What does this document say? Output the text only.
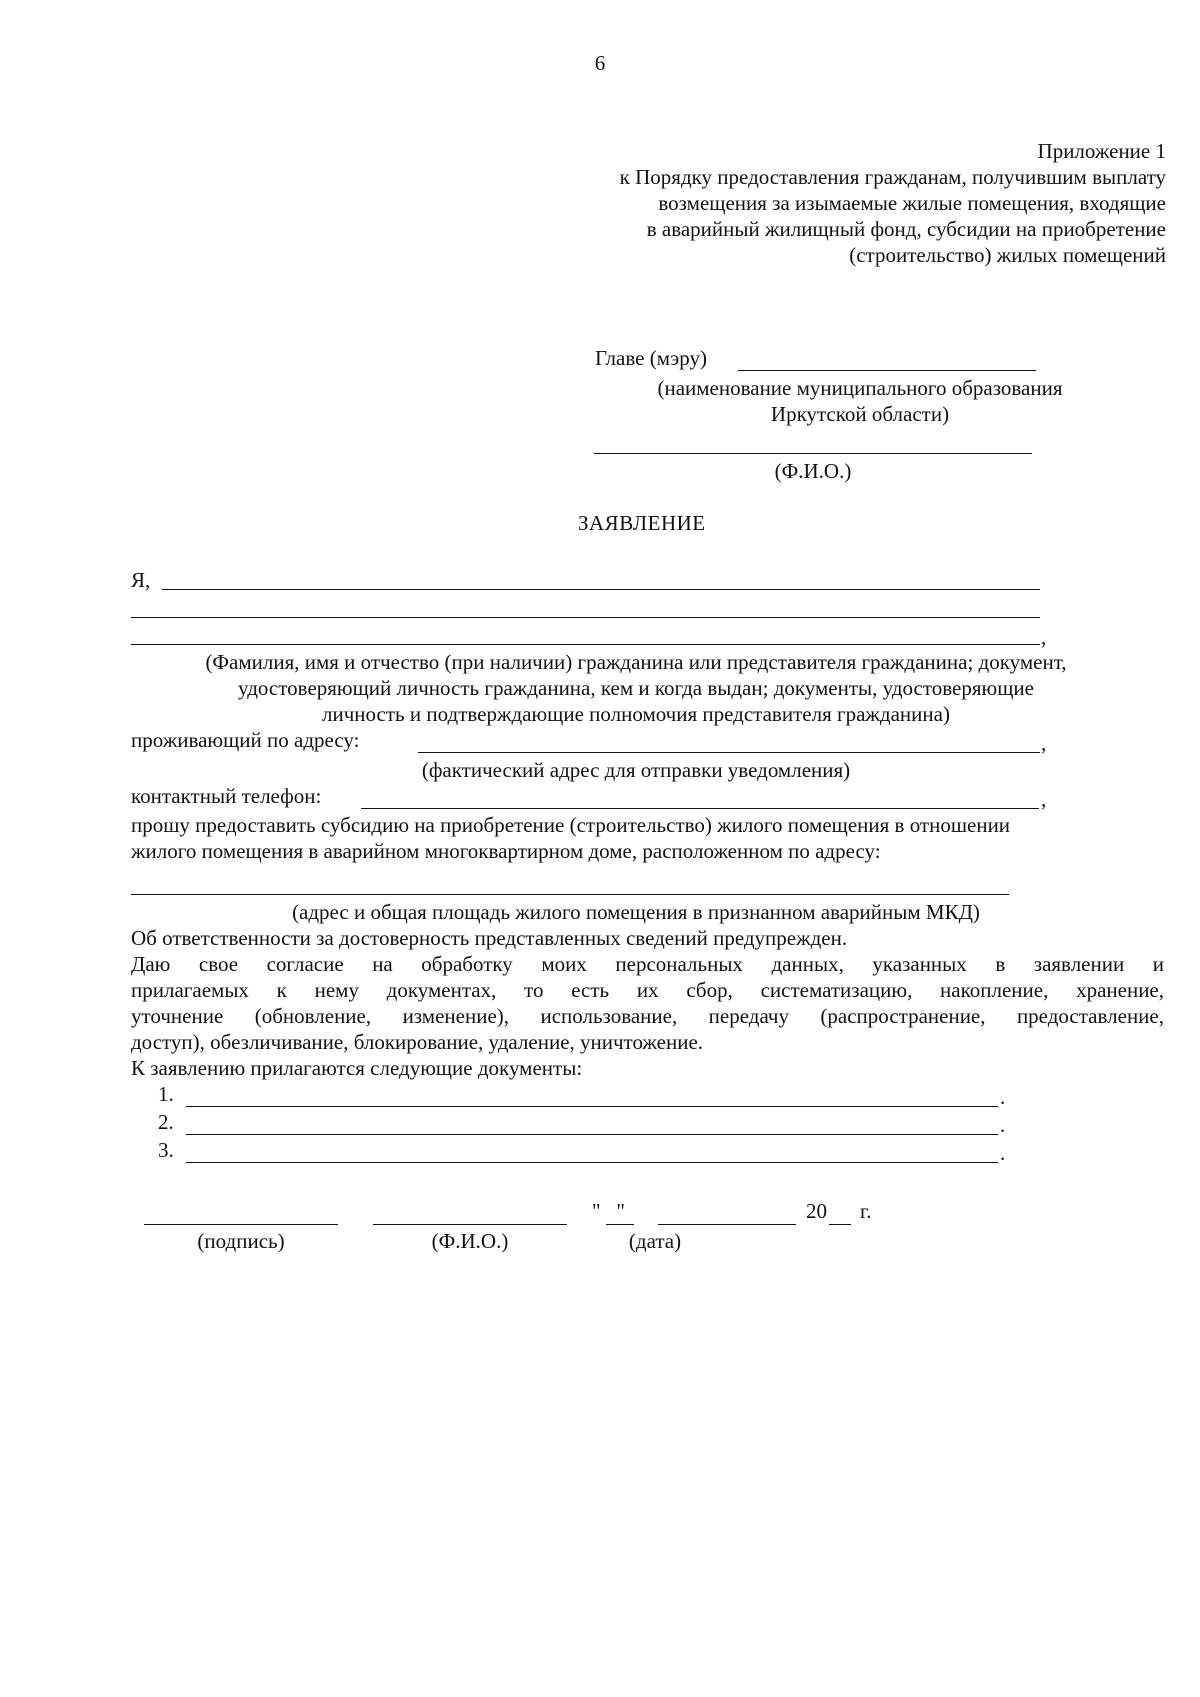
6
Приложение 1
к Порядку предоставления гражданам, получившим выплату
возмещения за изымаемые жилые помещения, входящие
в аварийный жилищный фонд, субсидии на приобретение
(строительство) жилых помещений
Главе (мэру)
(наименование муниципального образования
Иркутской области)
(Ф.И.О.)
ЗАЯВЛЕНИЕ
Я,
,
(Фамилия, имя и отчество (при наличии) гражданина или представителя гражданина; документ,
удостоверяющий личность гражданина, кем и когда выдан; документы, удостоверяющие
личность и подтверждающие полномочия представителя гражданина)
проживающий по адресу:	,
(фактический адрес для отправки уведомления)
контактный телефон:	,
прошу предоставить субсидию на приобретение (строительство) жилого помещения в отношении
жилого помещения в аварийном многоквартирном доме, расположенном по адресу:
(адрес и общая площадь жилого помещения в признанном аварийным МКД)
Об ответственности за достоверность представленных сведений предупрежден.
Даю свое согласие на обработку моих персональных данных, указанных в заявлении и
прилагаемых к нему документах, то есть их сбор, систематизацию, накопление, хранение,
уточнение (обновление, изменение), использование, передачу (распространение, предоставление,
доступ), обезличивание, блокирование, удаление, уничтожение.
К заявлению прилагаются следующие документы:
1.	.
2.	.
3.	.
"   "	20 г.
(подпись)	(Ф.И.О.)	(дата)
